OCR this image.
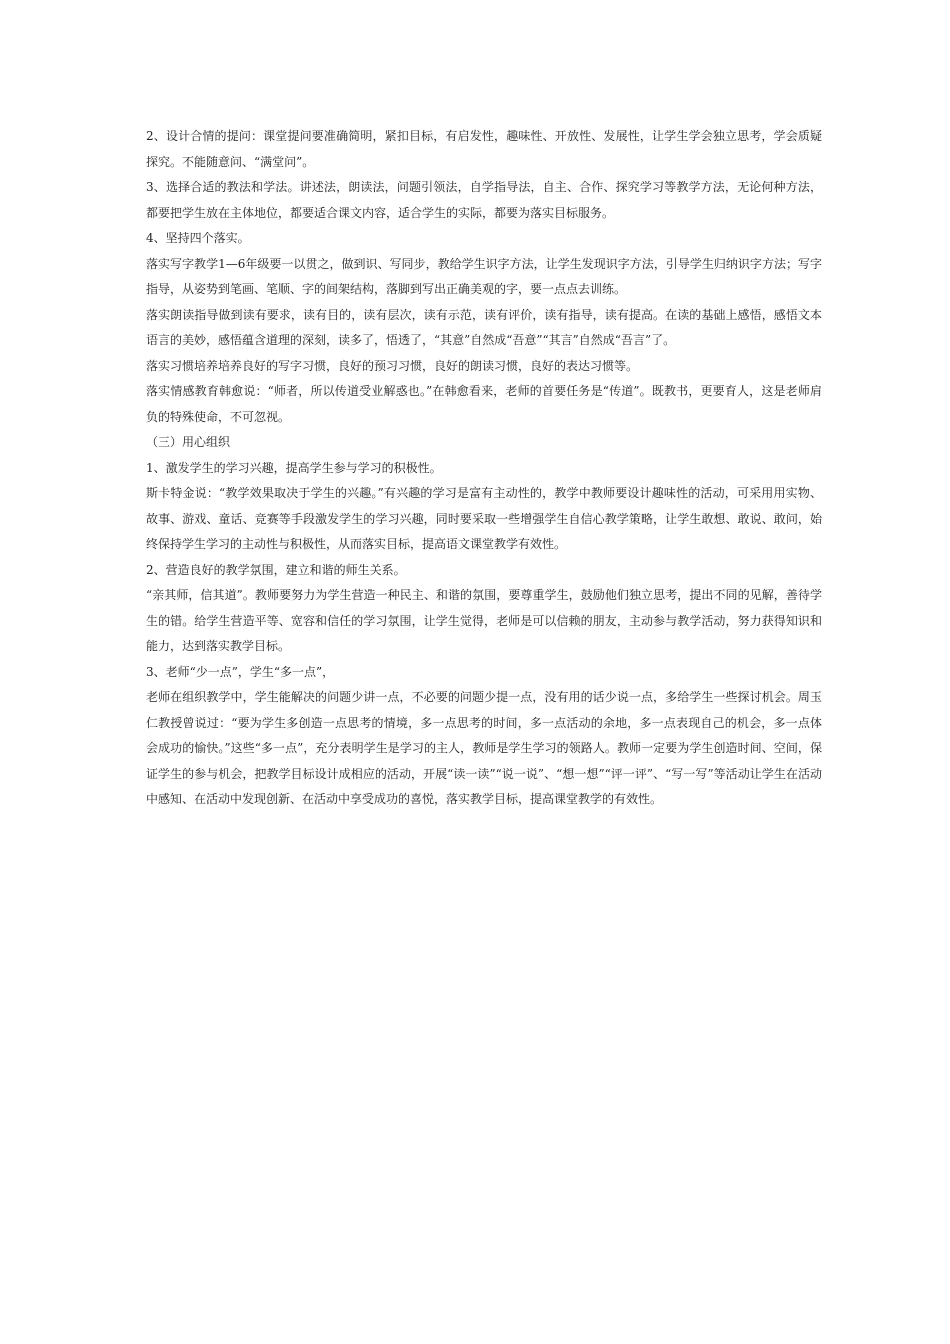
2、设计合情的提问：课堂提问要准确简明，紧扣目标，有启发性，趣味性、开放性、发展性，让学生学会独立思考，学会质疑探究。不能随意问、“满堂问”。

3、选择合适的教法和学法。讲述法，朗读法，问题引领法，自学指导法，自主、合作、探究学习等教学方法，无论何种方法，都要把学生放在主体地位，都要适合课文内容，适合学生的实际，都要为落实目标服务。

4、坚持四个落实。

落实写字教学1—6年级要一以贯之，做到识、写同步，教给学生识字方法，让学生发现识字方法，引导学生归纳识字方法；写字指导，从姿势到笔画、笔顺、字的间架结构，落脚到写出正确美观的字，要一点点去训练。

落实朗读指导做到读有要求，读有目的，读有层次，读有示范，读有评价，读有指导，读有提高。在读的基础上感悟，感悟文本语言的美妙，感悟蕴含道理的深刻，读多了，悟透了，“其意”自然成“吾意”“其言”自然成“吾言”了。

落实习惯培养培养良好的写字习惯，良好的预习习惯，良好的朗读习惯，良好的表达习惯等。

落实情感教育韩愈说：“师者，所以传道受业解惑也。”在韩愈看来，老师的首要任务是“传道”。既教书，更要育人，这是老师肩负的特殊使命，不可忽视。

（三）用心组织

1、激发学生的学习兴趣，提高学生参与学习的积极性。

斯卡特金说：“教学效果取决于学生的兴趣。”有兴趣的学习是富有主动性的，教学中教师要设计趣味性的活动，可采用用实物、故事、游戏、童话、竞赛等手段激发学生的学习兴趣，同时要采取一些增强学生自信心教学策略，让学生敢想、敢说、敢问，始终保持学生学习的主动性与积极性，从而落实目标，提高语文课堂教学有效性。

2、营造良好的教学氛围，建立和谐的师生关系。

“亲其师，信其道”。教师要努力为学生营造一种民主、和谐的氛围，要尊重学生，鼓励他们独立思考，提出不同的见解，善待学生的错。给学生营造平等、宽容和信任的学习氛围，让学生觉得，老师是可以信赖的朋友，主动参与教学活动，努力获得知识和能力，达到落实教学目标。

3、老师“少一点”，学生“多一点”，

老师在组织教学中，学生能解决的问题少讲一点，不必要的问题少提一点，没有用的话少说一点，多给学生一些探讨机会。周玉仁教授曾说过：“要为学生多创造一点思考的情境，多一点思考的时间，多一点活动的余地，多一点表现自己的机会，多一点体会成功的愉快。”这些“多一点”，充分表明学生是学习的主人，教师是学生学习的领路人。教师一定要为学生创造时间、空间，保证学生的参与机会，把教学目标设计成相应的活动，开展“读一读”“说一说”、“想一想”“评一评”、“写一写”等活动让学生在活动中感知、在活动中发现创新、在活动中享受成功的喜悦，落实教学目标，提高课堂教学的有效性。
